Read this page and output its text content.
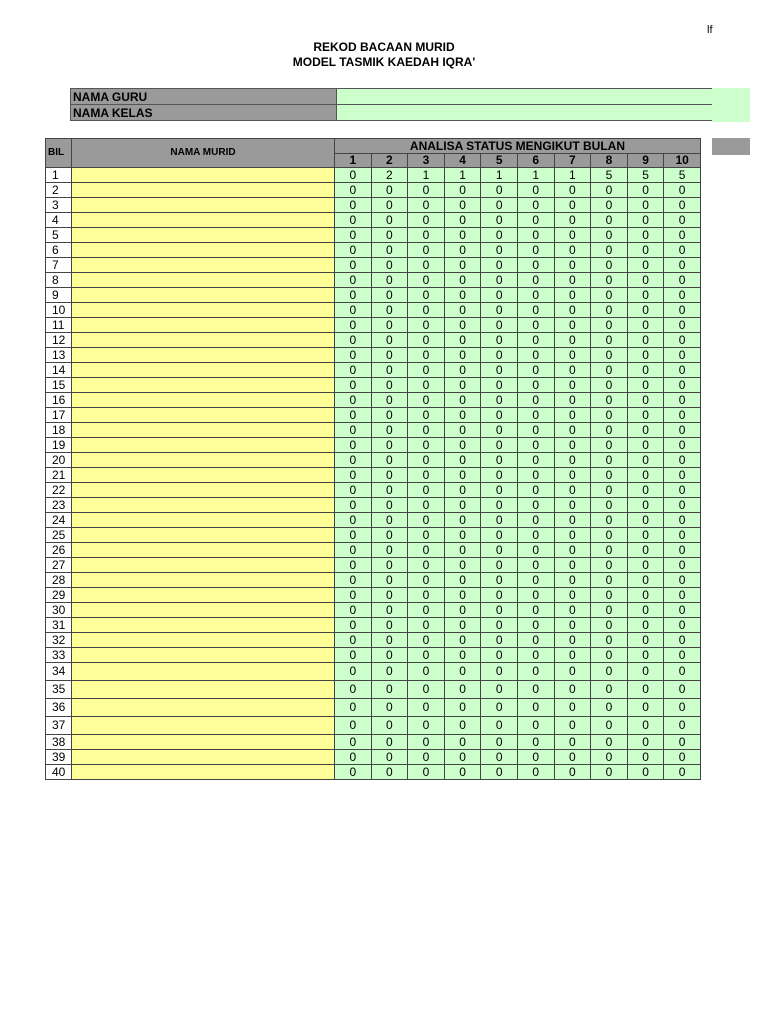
lf
REKOD BACAAN MURID
MODEL TASMIK KAEDAH IQRA'
NAMA GURU	
NAMA KELAS	
BIL	NAMA MURID	ANALISA STATUS MENGIKUT BULAN									
		1	2	3	4	5	6	7	8	9	10
1		0	2	1	1	1	1	1	5	5	5
2		0	0	0	0	0	0	0	0	0	0
3		0	0	0	0	0	0	0	0	0	0
4		0	0	0	0	0	0	0	0	0	0
5		0	0	0	0	0	0	0	0	0	0
6		0	0	0	0	0	0	0	0	0	0
7		0	0	0	0	0	0	0	0	0	0
8		0	0	0	0	0	0	0	0	0	0
9		0	0	0	0	0	0	0	0	0	0
10		0	0	0	0	0	0	0	0	0	0
11		0	0	0	0	0	0	0	0	0	0
12		0	0	0	0	0	0	0	0	0	0
13		0	0	0	0	0	0	0	0	0	0
14		0	0	0	0	0	0	0	0	0	0
15		0	0	0	0	0	0	0	0	0	0
16		0	0	0	0	0	0	0	0	0	0
17		0	0	0	0	0	0	0	0	0	0
18		0	0	0	0	0	0	0	0	0	0
19		0	0	0	0	0	0	0	0	0	0
20		0	0	0	0	0	0	0	0	0	0
21		0	0	0	0	0	0	0	0	0	0
22		0	0	0	0	0	0	0	0	0	0
23		0	0	0	0	0	0	0	0	0	0
24		0	0	0	0	0	0	0	0	0	0
25		0	0	0	0	0	0	0	0	0	0
26		0	0	0	0	0	0	0	0	0	0
27		0	0	0	0	0	0	0	0	0	0
28		0	0	0	0	0	0	0	0	0	0
29		0	0	0	0	0	0	0	0	0	0
30		0	0	0	0	0	0	0	0	0	0
31		0	0	0	0	0	0	0	0	0	0
32		0	0	0	0	0	0	0	0	0	0
33		0	0	0	0	0	0	0	0	0	0
34		0	0	0	0	0	0	0	0	0	0
35		0	0	0	0	0	0	0	0	0	0
36		0	0	0	0	0	0	0	0	0	0
37		0	0	0	0	0	0	0	0	0	0
38		0	0	0	0	0	0	0	0	0	0
39		0	0	0	0	0	0	0	0	0	0
40		0	0	0	0	0	0	0	0	0	0
